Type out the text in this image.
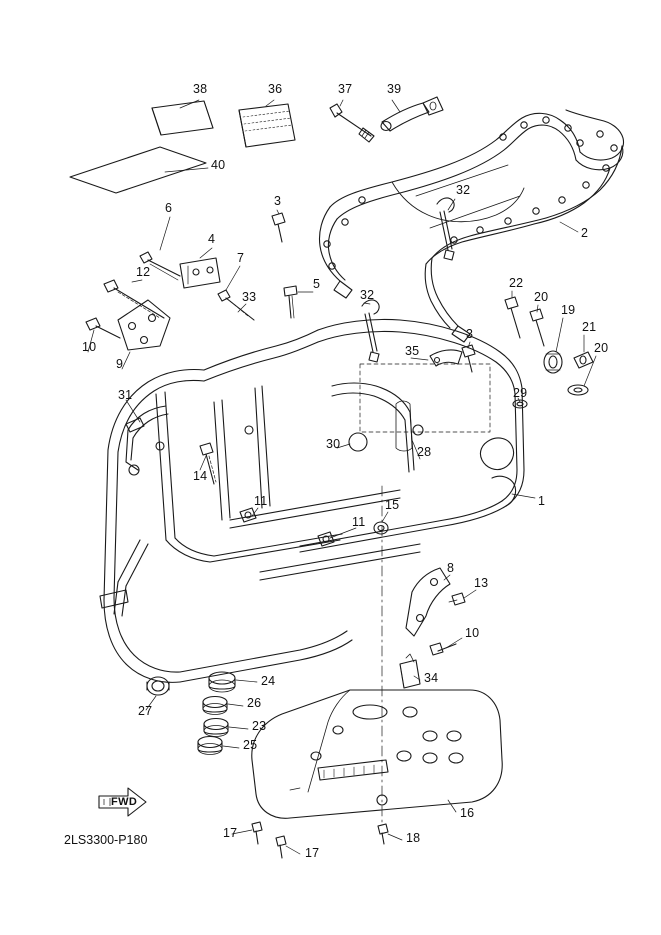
38	36	37	39
40
32
2
6	3
4
7
12
5
33	32
22
20
19
21
10
9
3
20
35
29
31
30
28
14
1
11	15
11
8
13
10
34
24
26
27
23
25
16
17	18
17
FWD
2LS3300-P180
